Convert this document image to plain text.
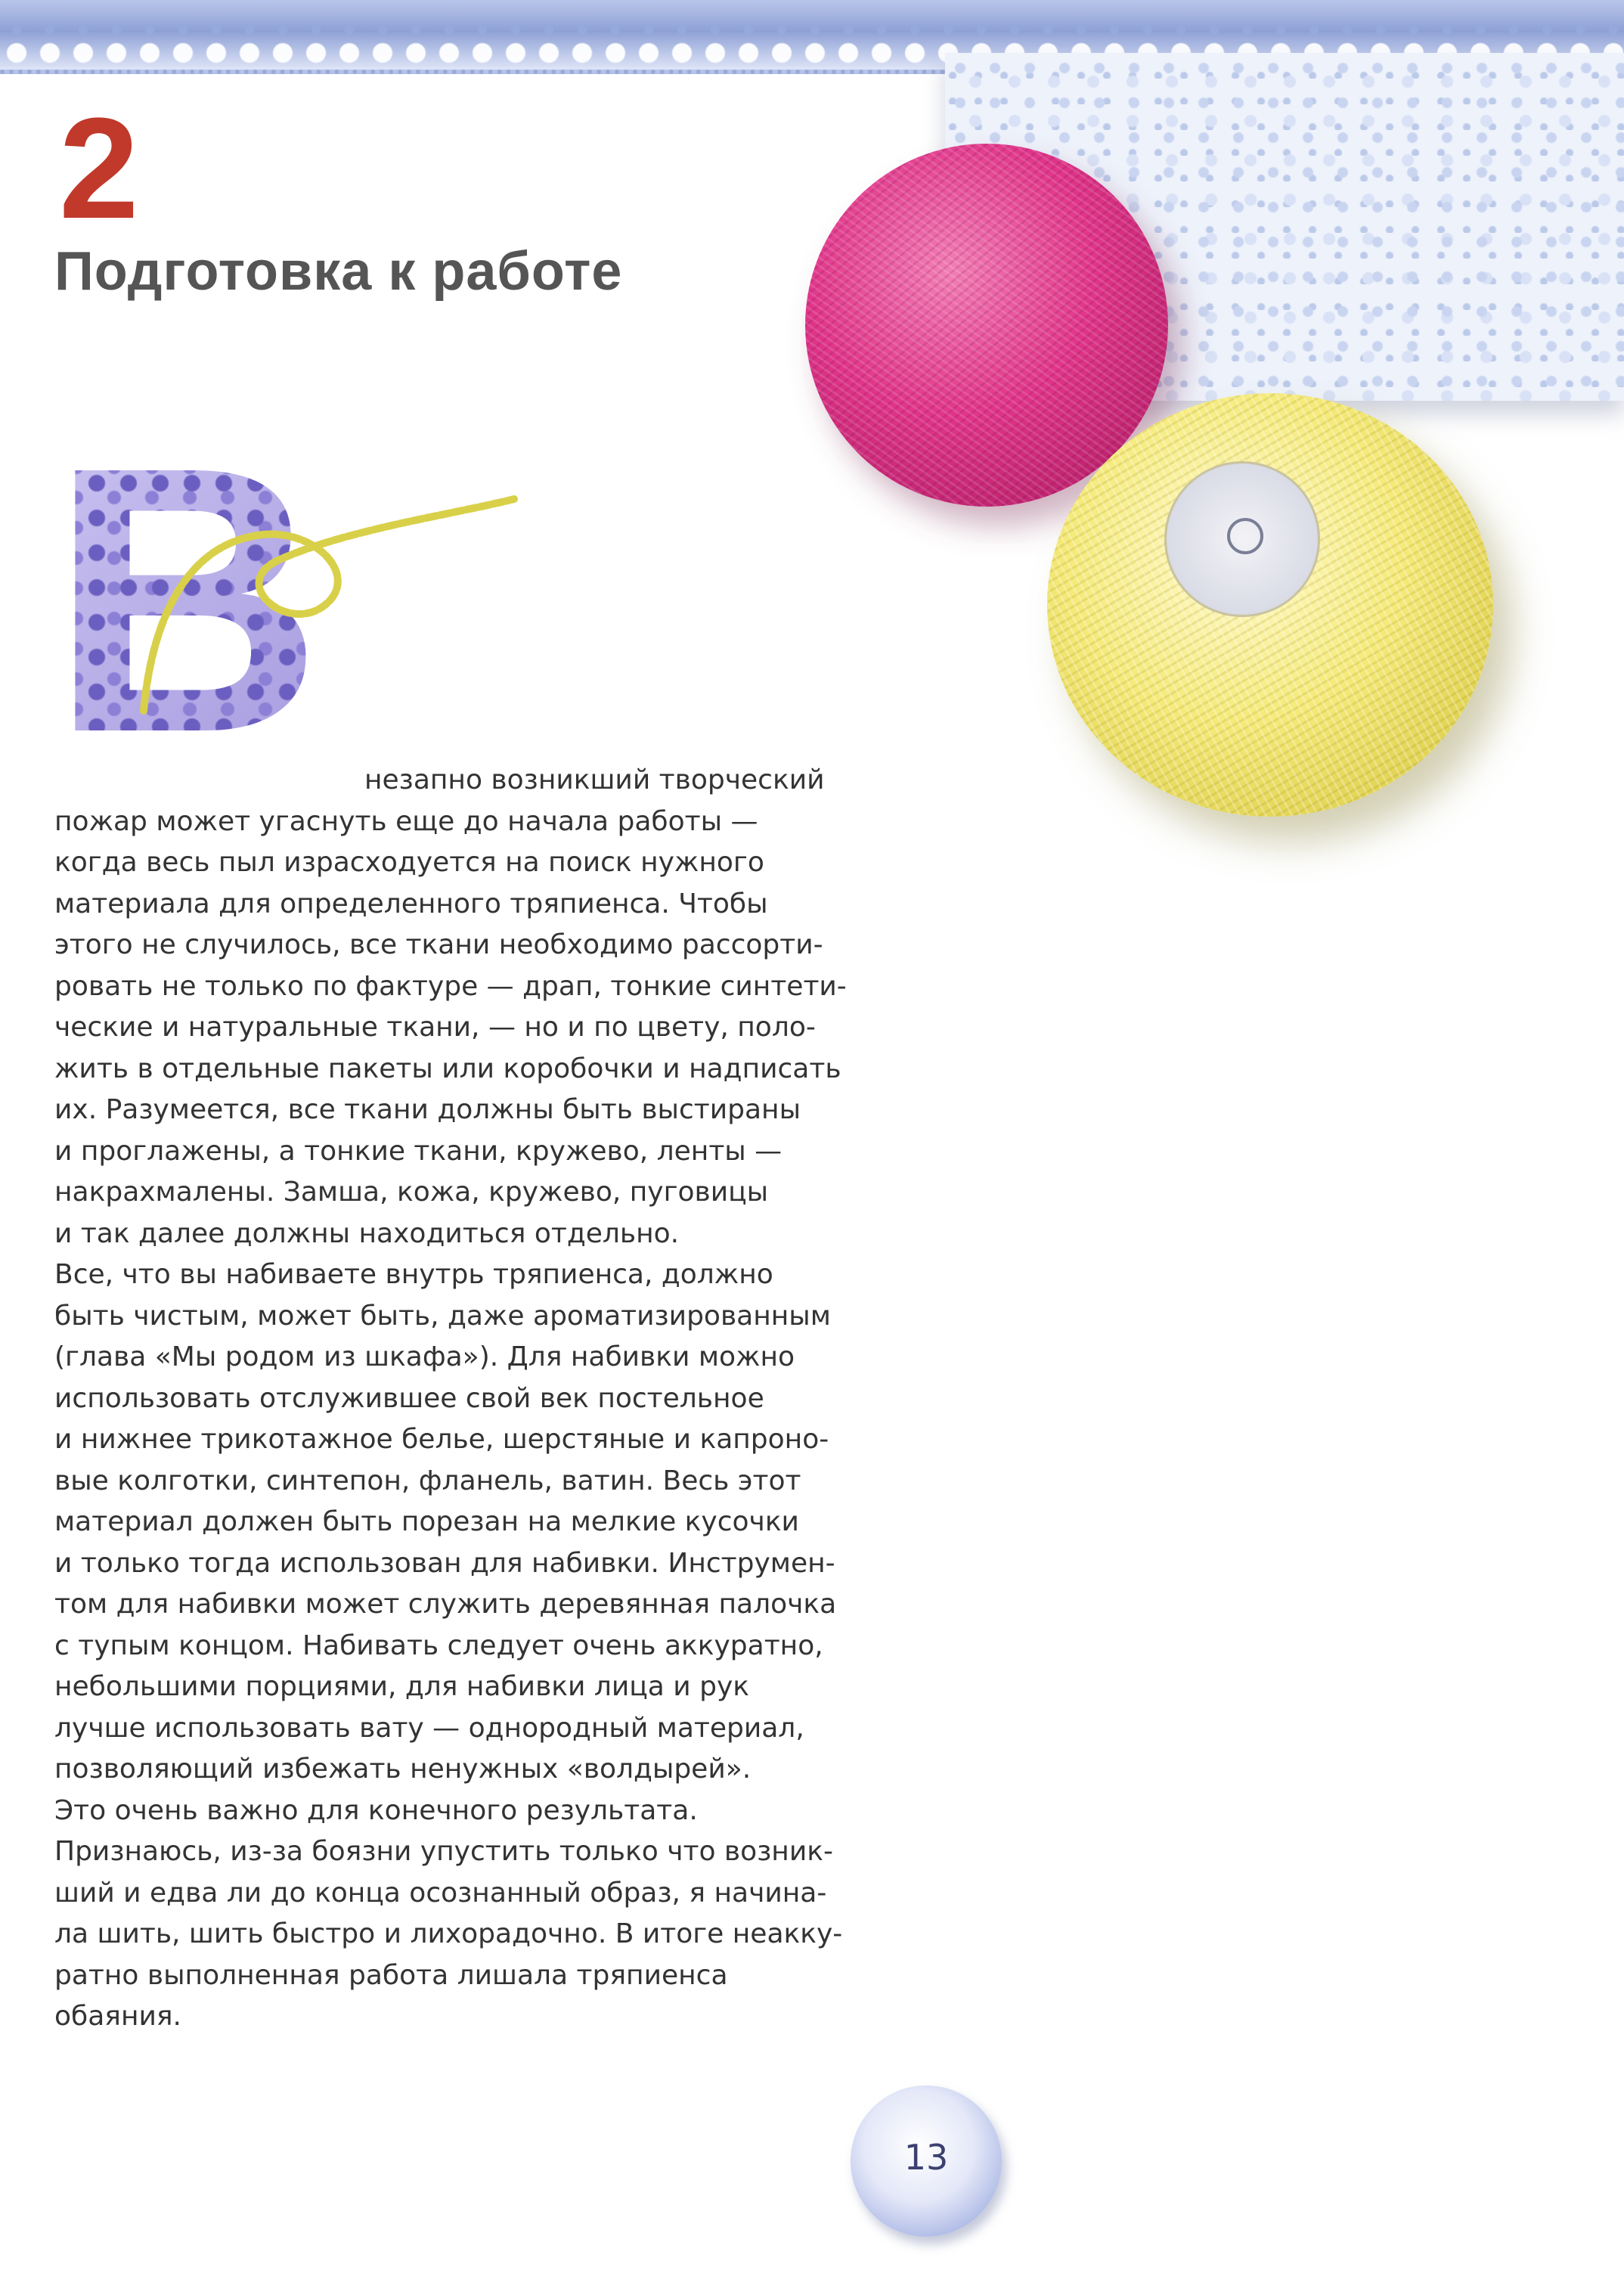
2
Подготовка к работе
В	незапно возникший творческий
пожар может угаснуть еще до начала работы —
когда весь пыл израсходуется на поиск нужного
материала для определенного тряпиенса. Чтобы
этого не случилось, все ткани необходимо рассорти-
ровать не только по фактуре — драп, тонкие синтети-
ческие и натуральные ткани, — но и по цвету, поло-
жить в отдельные пакеты или коробочки и надписать
их. Разумеется, все ткани должны быть выстираны
и проглажены, а тонкие ткани, кружево, ленты —
накрахмалены. Замша, кожа, кружево, пуговицы
и так далее должны находиться отдельно.
Все, что вы набиваете внутрь тряпиенса, должно
быть чистым, может быть, даже ароматизированным
(глава «Мы родом из шкафа»). Для набивки можно
использовать отслужившее свой век постельное
и нижнее трикотажное белье, шерстяные и капроно-
вые колготки, синтепон, фланель, ватин. Весь этот
материал должен быть порезан на мелкие кусочки
и только тогда использован для набивки. Инструмен-
том для набивки может служить деревянная палочка
с тупым концом. Набивать следует очень аккуратно,
небольшими порциями, для набивки лица и рук
лучше использовать вату — однородный материал,
позволяющий избежать ненужных «волдырей».
Это очень важно для конечного результата.
Признаюсь, из-за боязни упустить только что возник-
ший и едва ли до конца осознанный образ, я начина-
ла шить, шить быстро и лихорадочно. В итоге неакку-
ратно выполненная работа лишала тряпиенса
обаяния.
13
